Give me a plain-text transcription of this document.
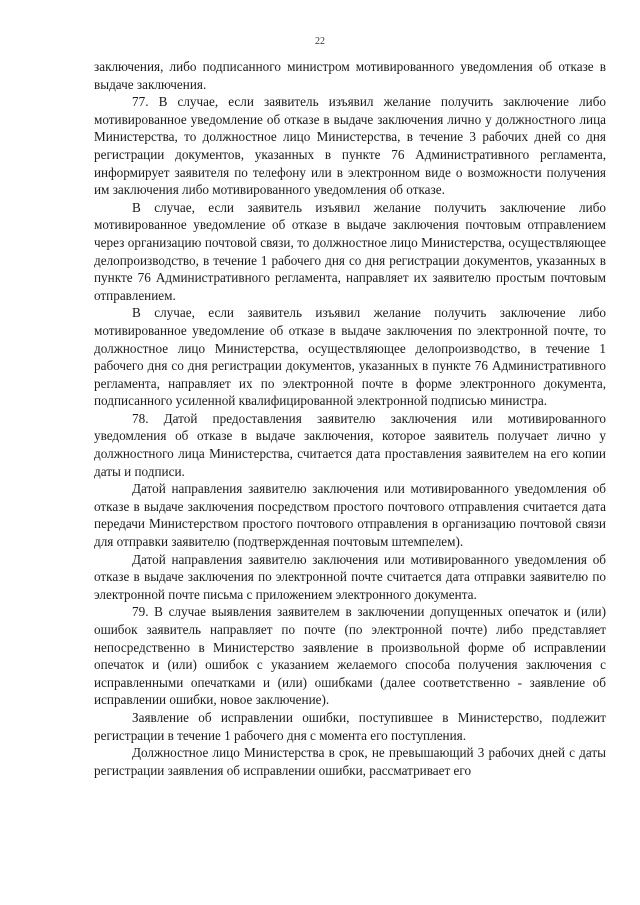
22

заключения, либо подписанного министром мотивированного уведомления об отказе в выдаче заключения.

77. В случае, если заявитель изъявил желание получить заключение либо мотивированное уведомление об отказе в выдаче заключения лично у должностного лица Министерства, то должностное лицо Министерства, в течение 3 рабочих дней со дня регистрации документов, указанных в пункте 76 Административного регламента, информирует заявителя по телефону или в электронном виде о возможности получения им заключения либо мотивированного уведомления об отказе.

В случае, если заявитель изъявил желание получить заключение либо мотивированное уведомление об отказе в выдаче заключения почтовым отправлением через организацию почтовой связи, то должностное лицо Министерства, осуществляющее делопроизводство, в течение 1 рабочего дня со дня регистрации документов, указанных в пункте 76 Административного регламента, направляет их заявителю простым почтовым отправлением.

В случае, если заявитель изъявил желание получить заключение либо мотивированное уведомление об отказе в выдаче заключения по электронной почте, то должностное лицо Министерства, осуществляющее делопроизводство, в течение 1 рабочего дня со дня регистрации документов, указанных в пункте 76 Административного регламента, направляет их по электронной почте в форме электронного документа, подписанного усиленной квалифицированной электронной подписью министра.

78. Датой предоставления заявителю заключения или мотивированного уведомления об отказе в выдаче заключения, которое заявитель получает лично у должностного лица Министерства, считается дата проставления заявителем на его копии даты и подписи.

Датой направления заявителю заключения или мотивированного уведомления об отказе в выдаче заключения посредством простого почтового отправления считается дата передачи Министерством простого почтового отправления в организацию почтовой связи для отправки заявителю (подтвержденная почтовым штемпелем).

Датой направления заявителю заключения или мотивированного уведомления об отказе в выдаче заключения по электронной почте считается дата отправки заявителю по электронной почте письма с приложением электронного документа.

79. В случае выявления заявителем в заключении допущенных опечаток и (или) ошибок заявитель направляет по почте (по электронной почте) либо представляет непосредственно в Министерство заявление в произвольной форме об исправлении опечаток и (или) ошибок с указанием желаемого способа получения заключения с исправленными опечатками и (или) ошибками (далее соответственно - заявление об исправлении ошибки, новое заключение).

Заявление об исправлении ошибки, поступившее в Министерство, подлежит регистрации в течение 1 рабочего дня с момента его поступления.

Должностное лицо Министерства в срок, не превышающий 3 рабочих дней с даты регистрации заявления об исправлении ошибки, рассматривает его
